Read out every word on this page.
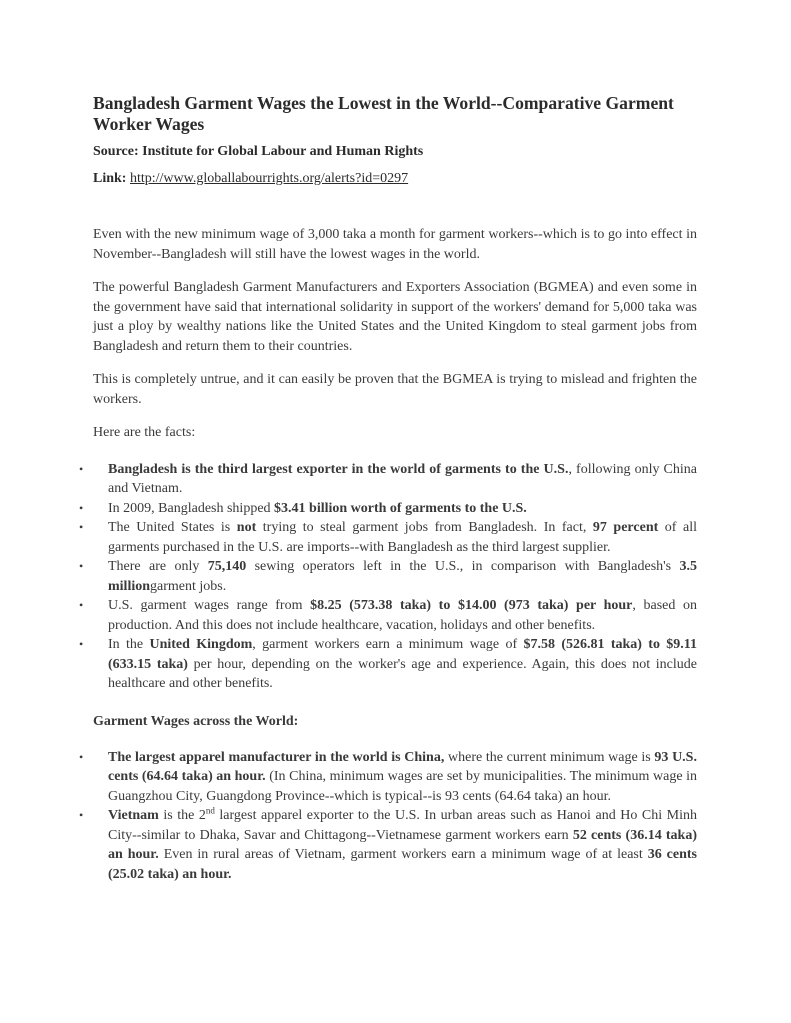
Bangladesh Garment Wages the Lowest in the World--Comparative Garment Worker Wages
Source: Institute for Global Labour and Human Rights
Link: http://www.globallabourrights.org/alerts?id=0297

Even with the new minimum wage of 3,000 taka a month for garment workers--which is to go into effect in November--Bangladesh will still have the lowest wages in the world.

The powerful Bangladesh Garment Manufacturers and Exporters Association (BGMEA) and even some in the government have said that international solidarity in support of the workers' demand for 5,000 taka was just a ploy by wealthy nations like the United States and the United Kingdom to steal garment jobs from Bangladesh and return them to their countries.

This is completely untrue, and it can easily be proven that the BGMEA is trying to mislead and frighten the workers.

Here are the facts:

• Bangladesh is the third largest exporter in the world of garments to the U.S., following only China and Vietnam.
• In 2009, Bangladesh shipped $3.41 billion worth of garments to the U.S.
• The United States is not trying to steal garment jobs from Bangladesh. In fact, 97 percent of all garments purchased in the U.S. are imports--with Bangladesh as the third largest supplier.
• There are only 75,140 sewing operators left in the U.S., in comparison with Bangladesh's 3.5 milliongarment jobs.
• U.S. garment wages range from $8.25 (573.38 taka) to $14.00 (973 taka) per hour, based on production. And this does not include healthcare, vacation, holidays and other benefits.
• In the United Kingdom, garment workers earn a minimum wage of $7.58 (526.81 taka) to $9.11 (633.15 taka) per hour, depending on the worker's age and experience. Again, this does not include healthcare and other benefits.
Garment Wages across the World:
• The largest apparel manufacturer in the world is China, where the current minimum wage is 93 U.S. cents (64.64 taka) an hour. (In China, minimum wages are set by municipalities. The minimum wage in Guangzhou City, Guangdong Province--which is typical--is 93 cents (64.64 taka) an hour.
• Vietnam is the 2nd largest apparel exporter to the U.S. In urban areas such as Hanoi and Ho Chi Minh City--similar to Dhaka, Savar and Chittagong--Vietnamese garment workers earn 52 cents (36.14 taka) an hour. Even in rural areas of Vietnam, garment workers earn a minimum wage of at least 36 cents (25.02 taka) an hour.
